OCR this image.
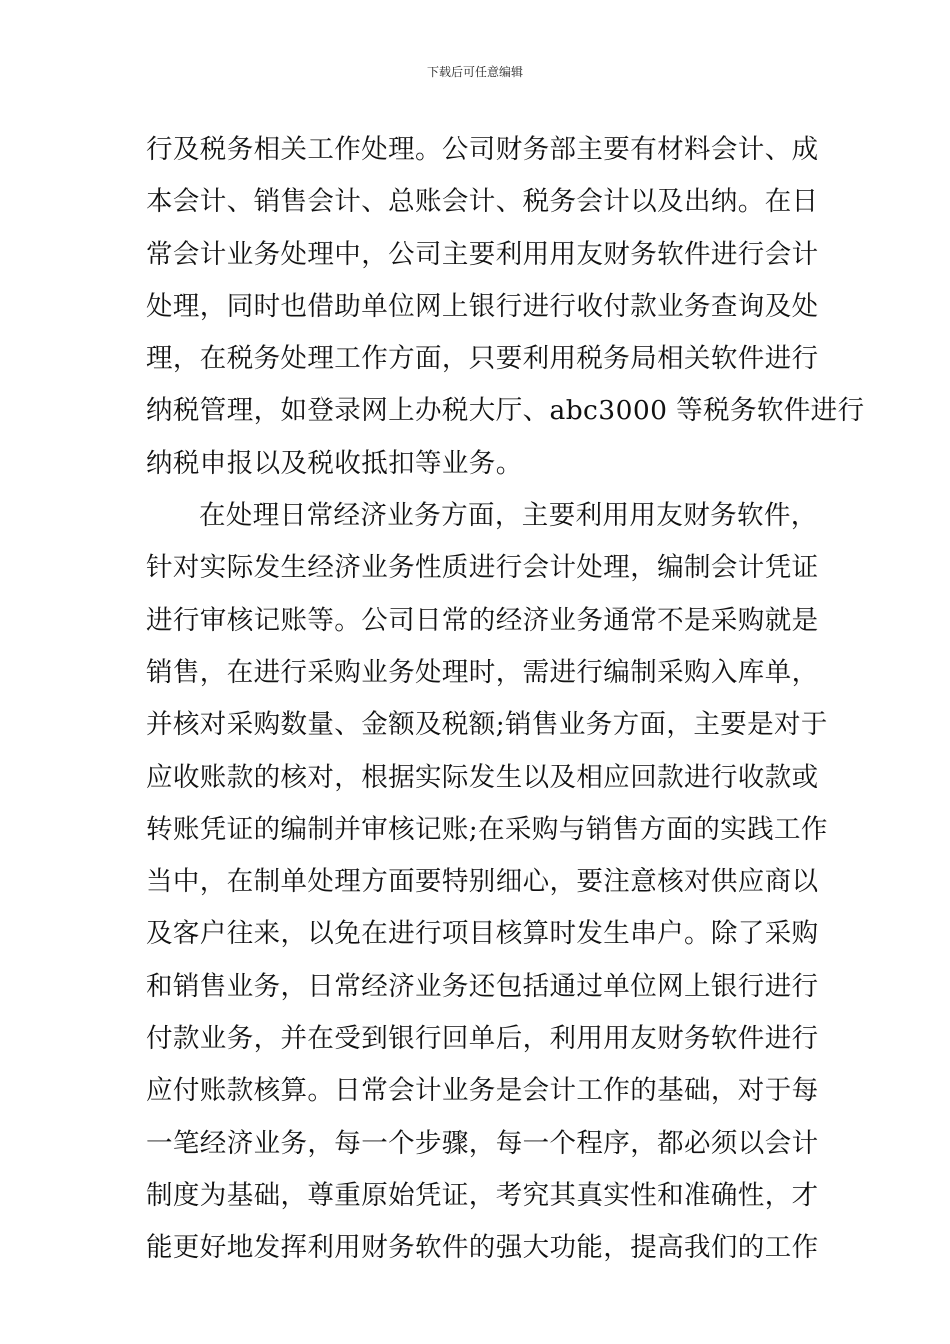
下载后可任意编辑
行及税务相关工作处理。公司财务部主要有材料会计、成
本会计、销售会计、总账会计、税务会计以及出纳。在日
常会计业务处理中，公司主要利用用友财务软件进行会计
处理，同时也借助单位网上银行进行收付款业务查询及处
理，在税务处理工作方面，只要利用税务局相关软件进行
纳税管理，如登录网上办税大厅、abc3000 等税务软件进行
纳税申报以及税收抵扣等业务。
在处理日常经济业务方面，主要利用用友财务软件，
针对实际发生经济业务性质进行会计处理，编制会计凭证
进行审核记账等。公司日常的经济业务通常不是采购就是
销售，在进行采购业务处理时，需进行编制采购入库单，
并核对采购数量、金额及税额;销售业务方面，主要是对于
应收账款的核对，根据实际发生以及相应回款进行收款或
转账凭证的编制并审核记账;在采购与销售方面的实践工作
当中，在制单处理方面要特别细心，要注意核对供应商以
及客户往来，以免在进行项目核算时发生串户。除了采购
和销售业务，日常经济业务还包括通过单位网上银行进行
付款业务，并在受到银行回单后，利用用友财务软件进行
应付账款核算。日常会计业务是会计工作的基础，对于每
一笔经济业务，每一个步骤，每一个程序，都必须以会计
制度为基础，尊重原始凭证，考究其真实性和准确性，才
能更好地发挥利用财务软件的强大功能，提高我们的工作
